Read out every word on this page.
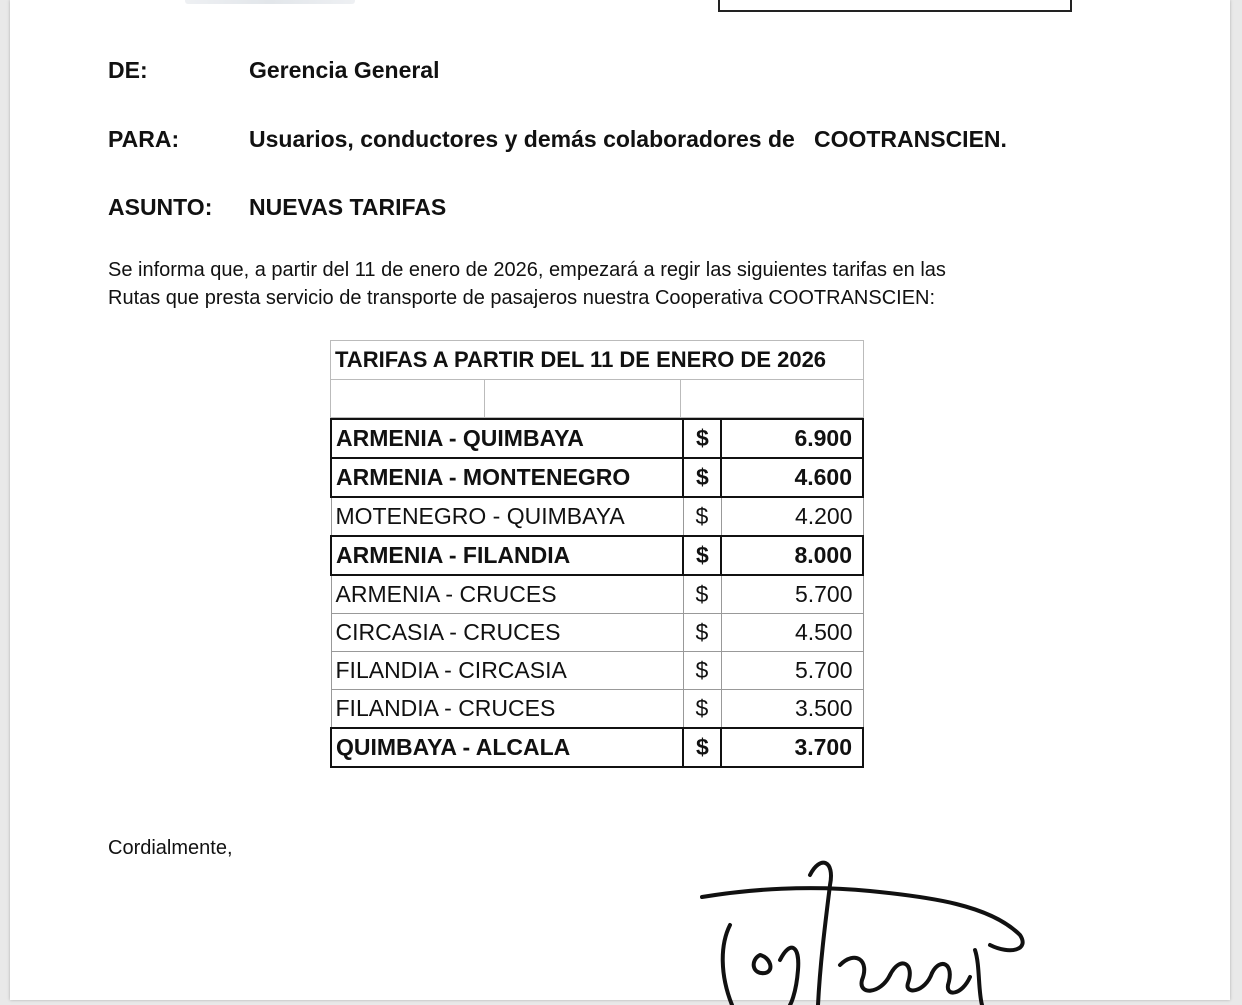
DE:	Gerencia General
PARA:	Usuarios, conductores y demás colaboradores de   COOTRANSCIEN.
ASUNTO: NUEVAS TARIFAS

Se informa que, a partir del 11 de enero de 2026, empezará a regir las siguientes tarifas en las

Rutas que presta servicio de transporte de pasajeros nuestra Cooperativa COOTRANSCIEN:

TARIFAS A PARTIR DEL 11 DE ENERO DE 2026

ARMENIA - QUIMBAYA	$	6.900
ARMENIA - MONTENEGRO	$	4.600
MOTENEGRO - QUIMBAYA	$	4.200
ARMENIA - FILANDIA	$	8.000
ARMENIA - CRUCES	$	5.700
CIRCASIA - CRUCES	$	4.500
FILANDIA - CIRCASIA	$	5.700
FILANDIA - CRUCES	$	3.500
QUIMBAYA - ALCALA	$	3.700
Cordialmente,
